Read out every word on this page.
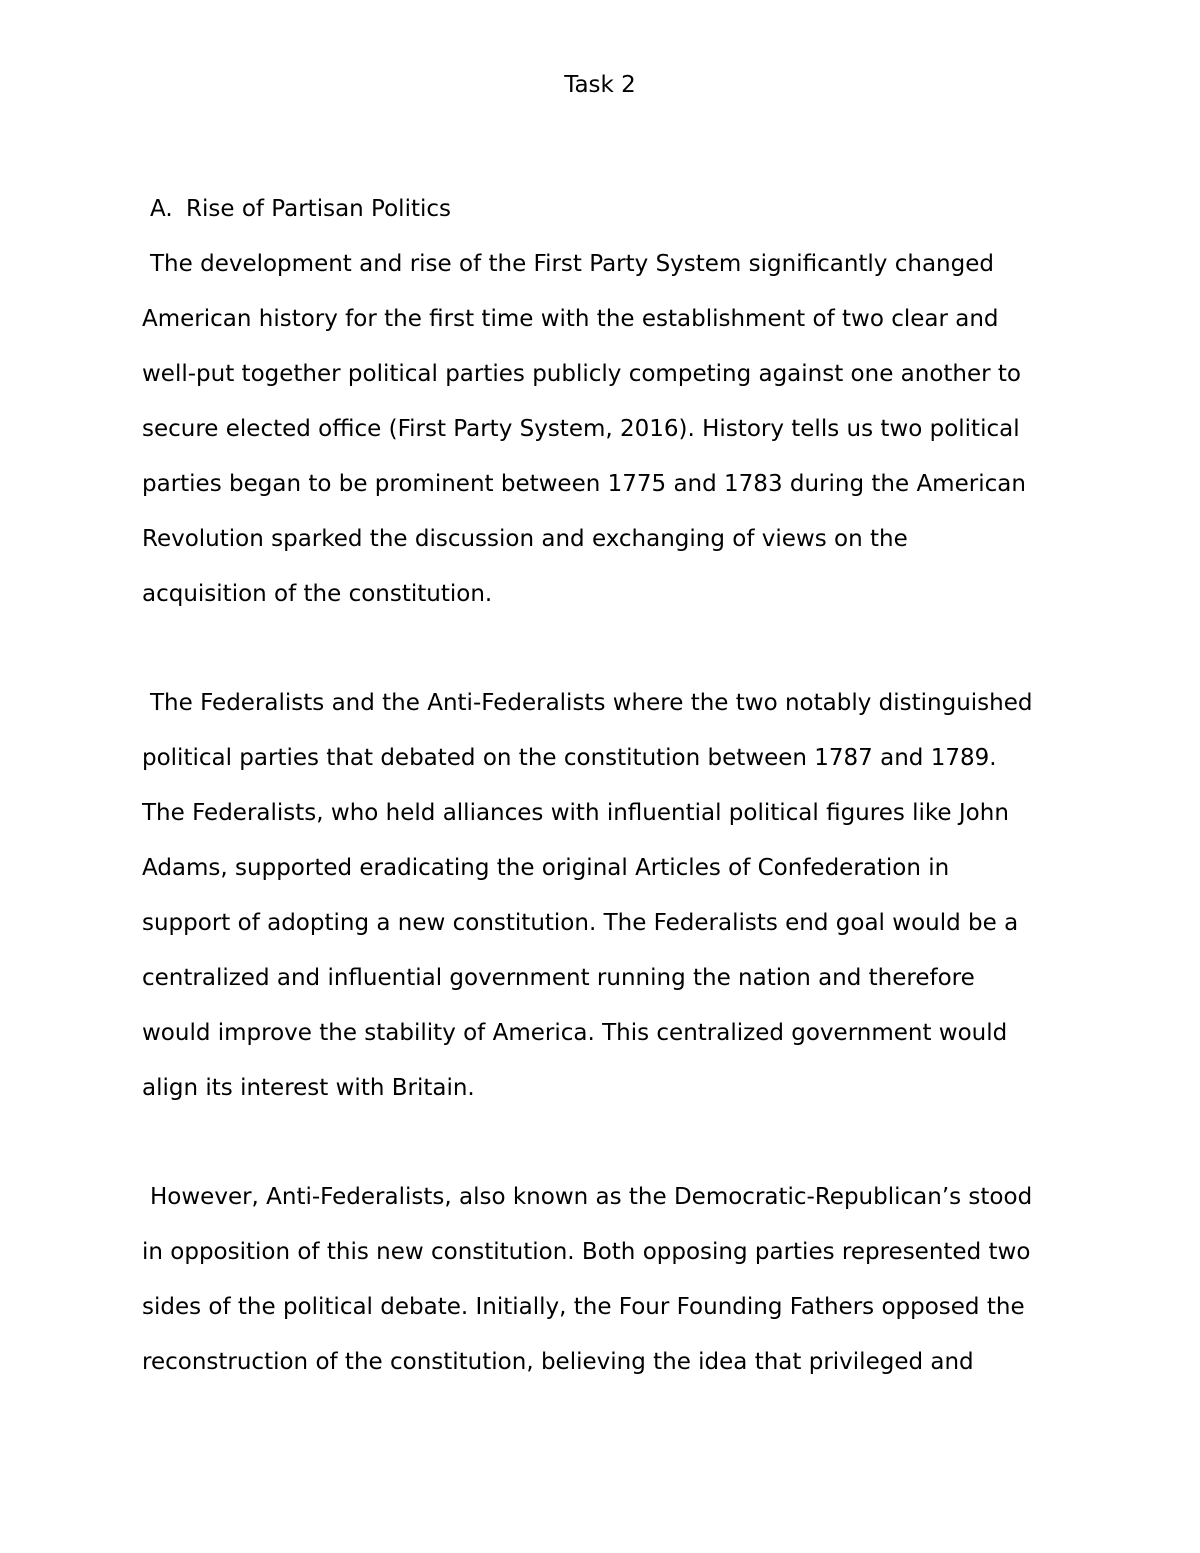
Task 2
A. Rise of Partisan Politics
The development and rise of the First Party System significantly changed
American history for the first time with the establishment of two clear and
well-put together political parties publicly competing against one another to
secure elected office (First Party System, 2016). History tells us two political
parties began to be prominent between 1775 and 1783 during the American
Revolution sparked the discussion and exchanging of views on the
acquisition of the constitution.
The Federalists and the Anti-Federalists where the two notably distinguished
political parties that debated on the constitution between 1787 and 1789.
The Federalists, who held alliances with influential political figures like John
Adams, supported eradicating the original Articles of Confederation in
support of adopting a new constitution. The Federalists end goal would be a
centralized and influential government running the nation and therefore
would improve the stability of America. This centralized government would
align its interest with Britain.
However, Anti-Federalists, also known as the Democratic-Republican’s stood
in opposition of this new constitution. Both opposing parties represented two
sides of the political debate. Initially, the Four Founding Fathers opposed the
reconstruction of the constitution, believing the idea that privileged and
